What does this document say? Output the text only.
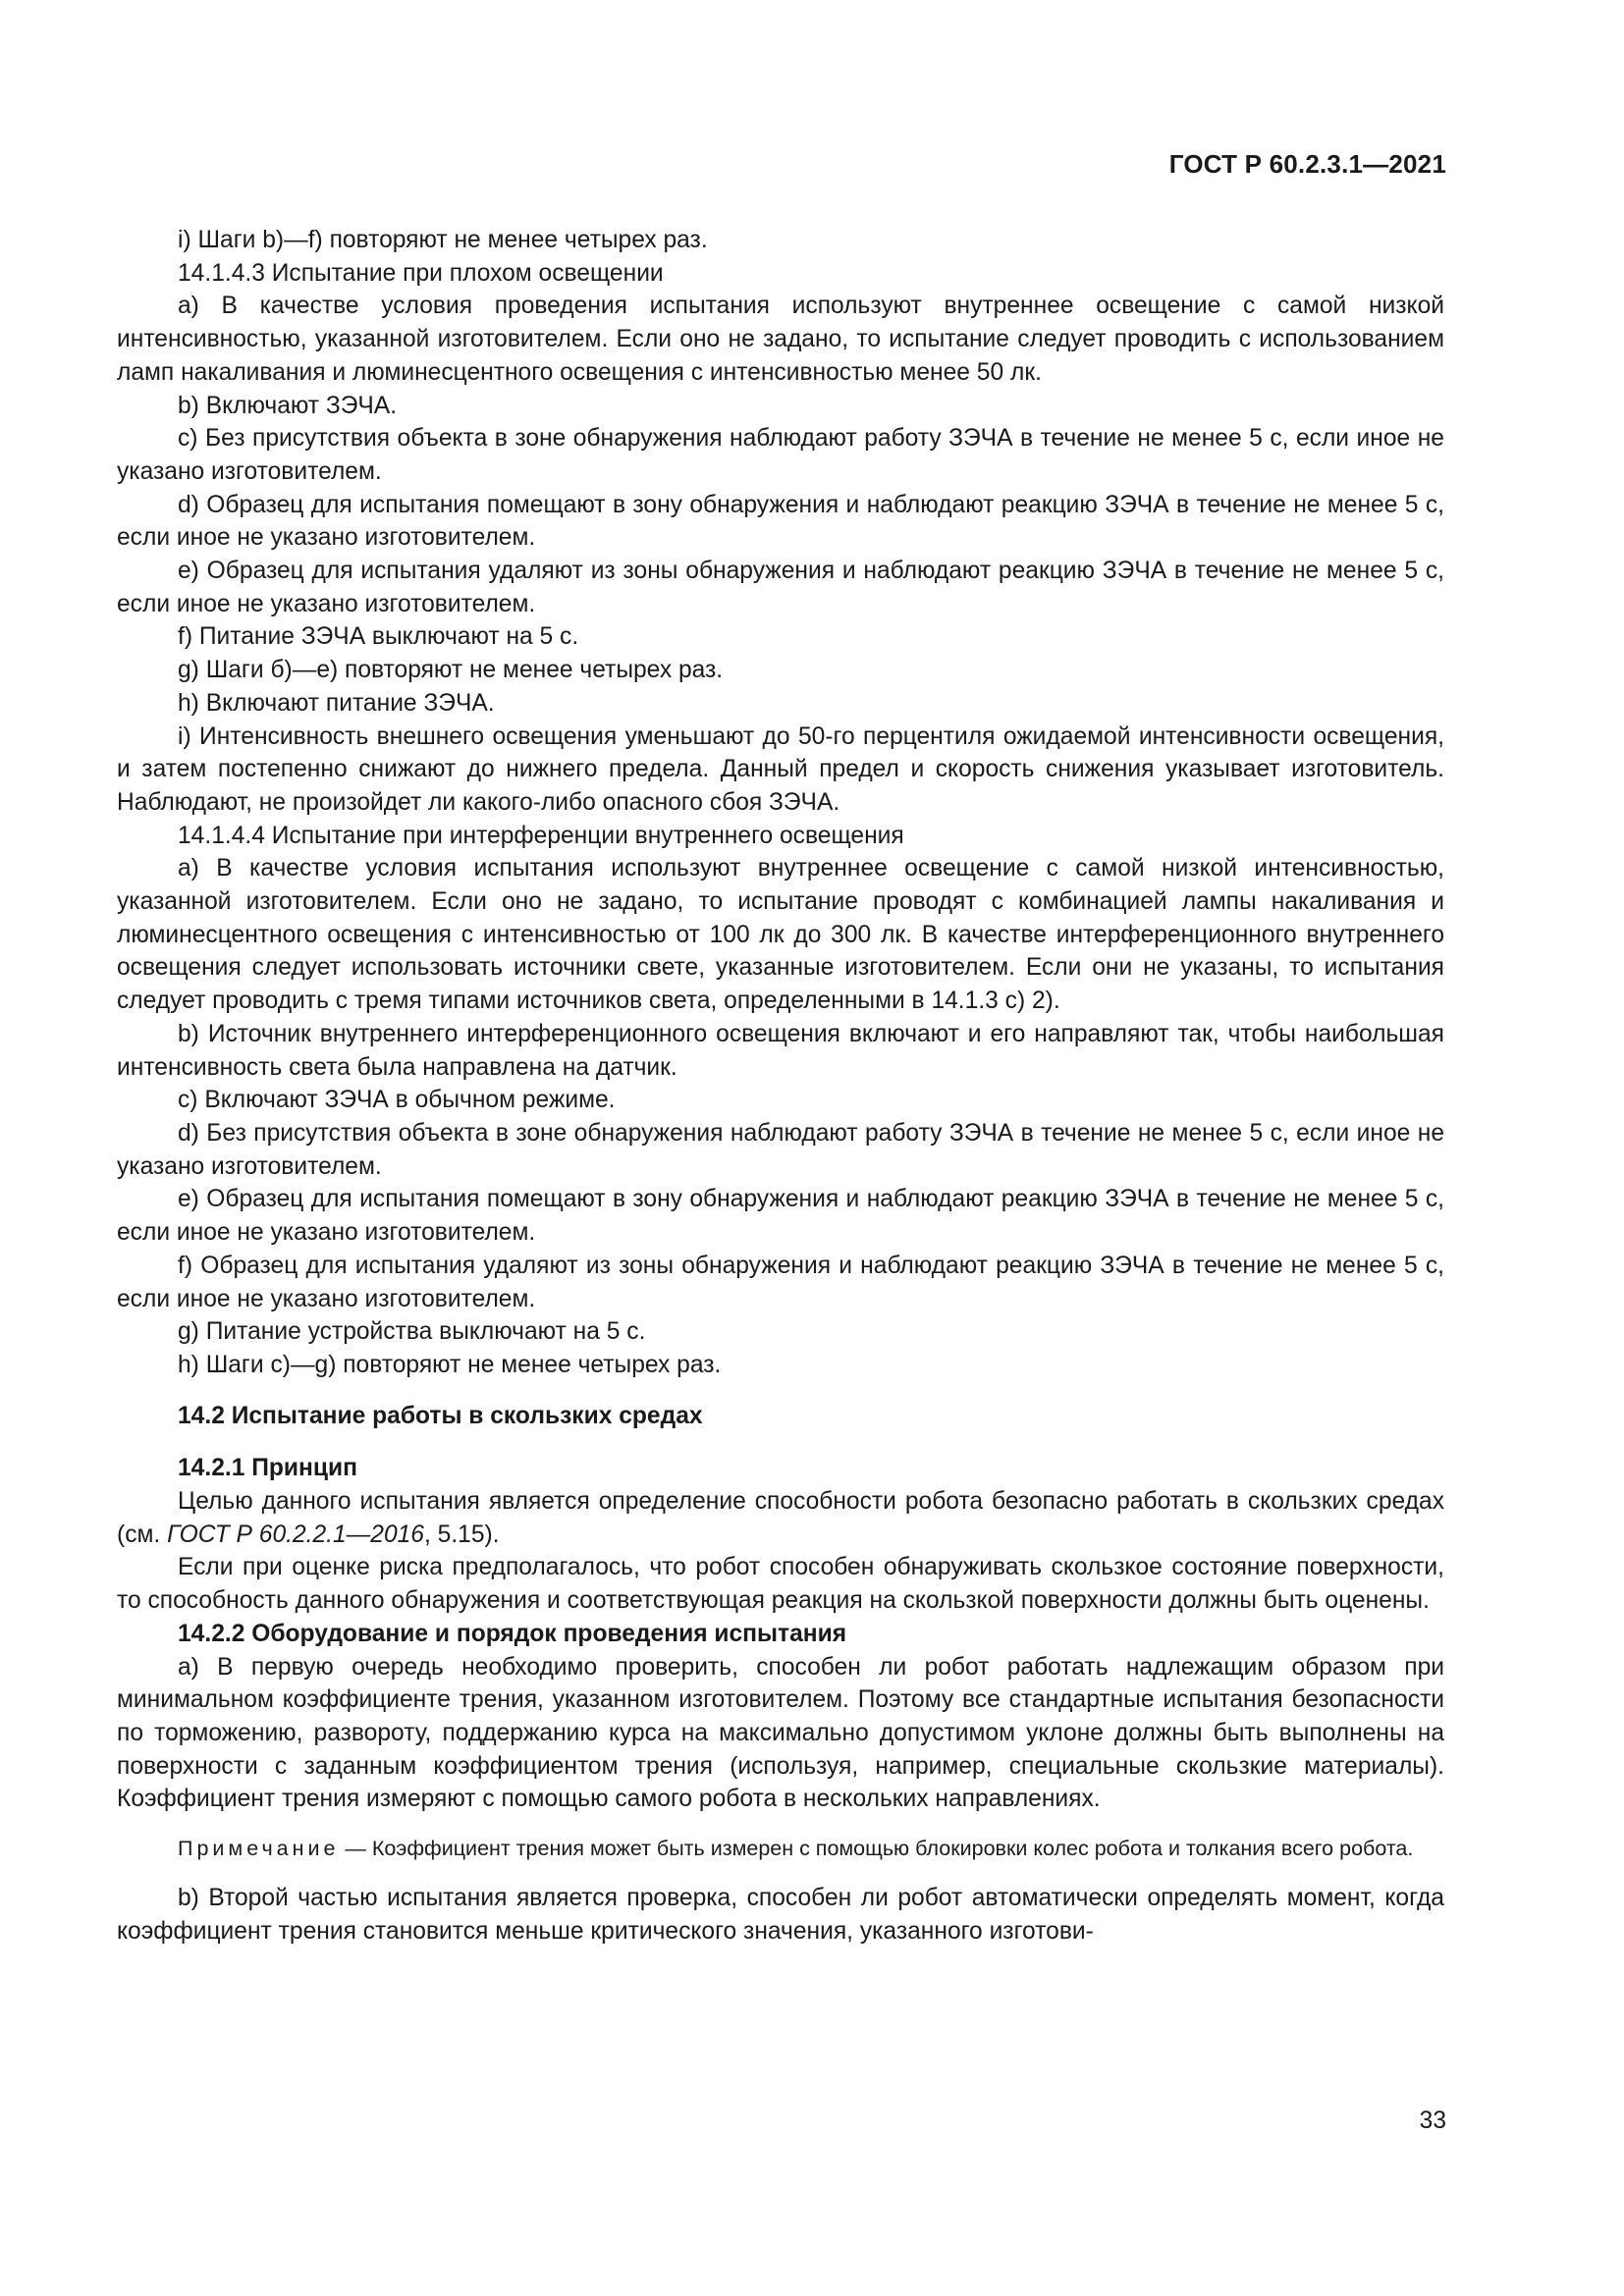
ГОСТ Р 60.2.3.1—2021

i) Шаги b)—f) повторяют не менее четырех раз.

14.1.4.3 Испытание при плохом освещении

a) В качестве условия проведения испытания используют внутреннее освещение с самой низкой интенсивностью, указанной изготовителем. Если оно не задано, то испытание следует проводить с использованием ламп накаливания и люминесцентного освещения с интенсивностью менее 50 лк.

b) Включают ЗЭЧА.

c) Без присутствия объекта в зоне обнаружения наблюдают работу ЗЭЧА в течение не менее 5 с, если иное не указано изготовителем.

d) Образец для испытания помещают в зону обнаружения и наблюдают реакцию ЗЭЧА в течение не менее 5 с, если иное не указано изготовителем.

e) Образец для испытания удаляют из зоны обнаружения и наблюдают реакцию ЗЭЧА в течение не менее 5 с, если иное не указано изготовителем.

f) Питание ЗЭЧА выключают на 5 с.

g) Шаги б)—е) повторяют не менее четырех раз.

h) Включают питание ЗЭЧА.

i) Интенсивность внешнего освещения уменьшают до 50-го перцентиля ожидаемой интенсивности освещения, и затем постепенно снижают до нижнего предела. Данный предел и скорость снижения указывает изготовитель. Наблюдают, не произойдет ли какого-либо опасного сбоя ЗЭЧА.

14.1.4.4 Испытание при интерференции внутреннего освещения

a) В качестве условия испытания используют внутреннее освещение с самой низкой интенсивностью, указанной изготовителем. Если оно не задано, то испытание проводят с комбинацией лампы накаливания и люминесцентного освещения с интенсивностью от 100 лк до 300 лк. В качестве интерференционного внутреннего освещения следует использовать источники свете, указанные изготовителем. Если они не указаны, то испытания следует проводить с тремя типами источников света, определенными в 14.1.3 с) 2).

b) Источник внутреннего интерференционного освещения включают и его направляют так, чтобы наибольшая интенсивность света была направлена на датчик.

c) Включают ЗЭЧА в обычном режиме.

d) Без присутствия объекта в зоне обнаружения наблюдают работу ЗЭЧА в течение не менее 5 с, если иное не указано изготовителем.

e) Образец для испытания помещают в зону обнаружения и наблюдают реакцию ЗЭЧА в течение не менее 5 с, если иное не указано изготовителем.

f) Образец для испытания удаляют из зоны обнаружения и наблюдают реакцию ЗЭЧА в течение не менее 5 с, если иное не указано изготовителем.

g) Питание устройства выключают на 5 с.

h) Шаги с)—g) повторяют не менее четырех раз.

14.2 Испытание работы в скользких средах
14.2.1 Принцип

Целью данного испытания является определение способности робота безопасно работать в скользких средах (см. ГОСТ Р 60.2.2.1—2016, 5.15).

Если при оценке риска предполагалось, что робот способен обнаруживать скользкое состояние поверхности, то способность данного обнаружения и соответствующая реакция на скользкой поверхности должны быть оценены.

14.2.2 Оборудование и порядок проведения испытания

a) В первую очередь необходимо проверить, способен ли робот работать надлежащим образом при минимальном коэффициенте трения, указанном изготовителем. Поэтому все стандартные испытания безопасности по торможению, развороту, поддержанию курса на максимально допустимом уклоне должны быть выполнены на поверхности с заданным коэффициентом трения (используя, например, специальные скользкие материалы). Коэффициент трения измеряют с помощью самого робота в нескольких направлениях.

Примечание — Коэффициент трения может быть измерен с помощью блокировки колес робота и толкания всего робота.

b) Второй частью испытания является проверка, способен ли робот автоматически определять момент, когда коэффициент трения становится меньше критического значения, указанного изготови-

33
